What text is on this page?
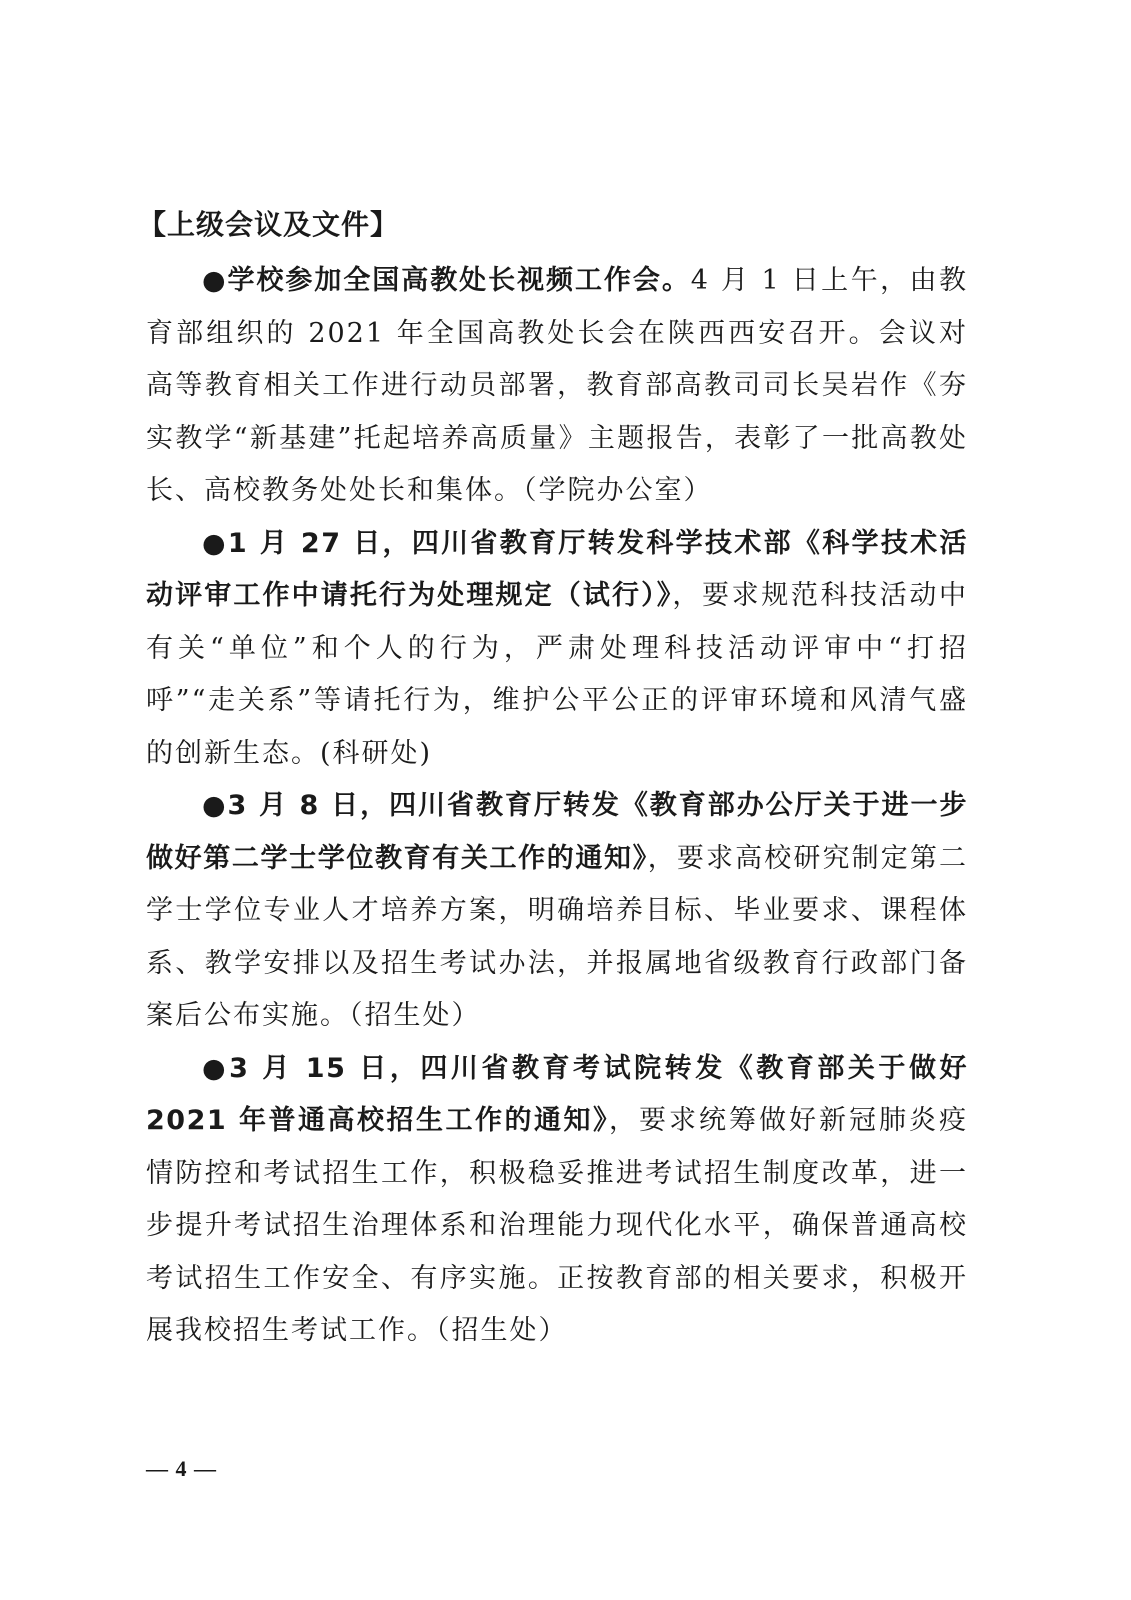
【上级会议及文件】

●学校参加全国高教处长视频工作会。4 月 1 日上午，由教育部组织的 2021 年全国高教处长会在陕西西安召开。会议对高等教育相关工作进行动员部署，教育部高教司司长吴岩作《夯实教学“新基建”托起培养高质量》主题报告，表彰了一批高教处长、高校教务处处长和集体。（学院办公室）

●1 月 27 日，四川省教育厅转发科学技术部《科学技术活动评审工作中请托行为处理规定（试行）》，要求规范科技活动中有关“单位”和个人的行为，严肃处理科技活动评审中“打招呼”“走关系”等请托行为，维护公平公正的评审环境和风清气盛的创新生态。(科研处)

●3 月 8 日，四川省教育厅转发《教育部办公厅关于进一步做好第二学士学位教育有关工作的通知》，要求高校研究制定第二学士学位专业人才培养方案，明确培养目标、毕业要求、课程体系、教学安排以及招生考试办法，并报属地省级教育行政部门备案后公布实施。（招生处）

●3 月 15 日，四川省教育考试院转发《教育部关于做好 2021 年普通高校招生工作的通知》，要求统筹做好新冠肺炎疫情防控和考试招生工作，积极稳妥推进考试招生制度改革，进一步提升考试招生治理体系和治理能力现代化水平，确保普通高校考试招生工作安全、有序实施。正按教育部的相关要求，积极开展我校招生考试工作。（招生处）

— 4 —
